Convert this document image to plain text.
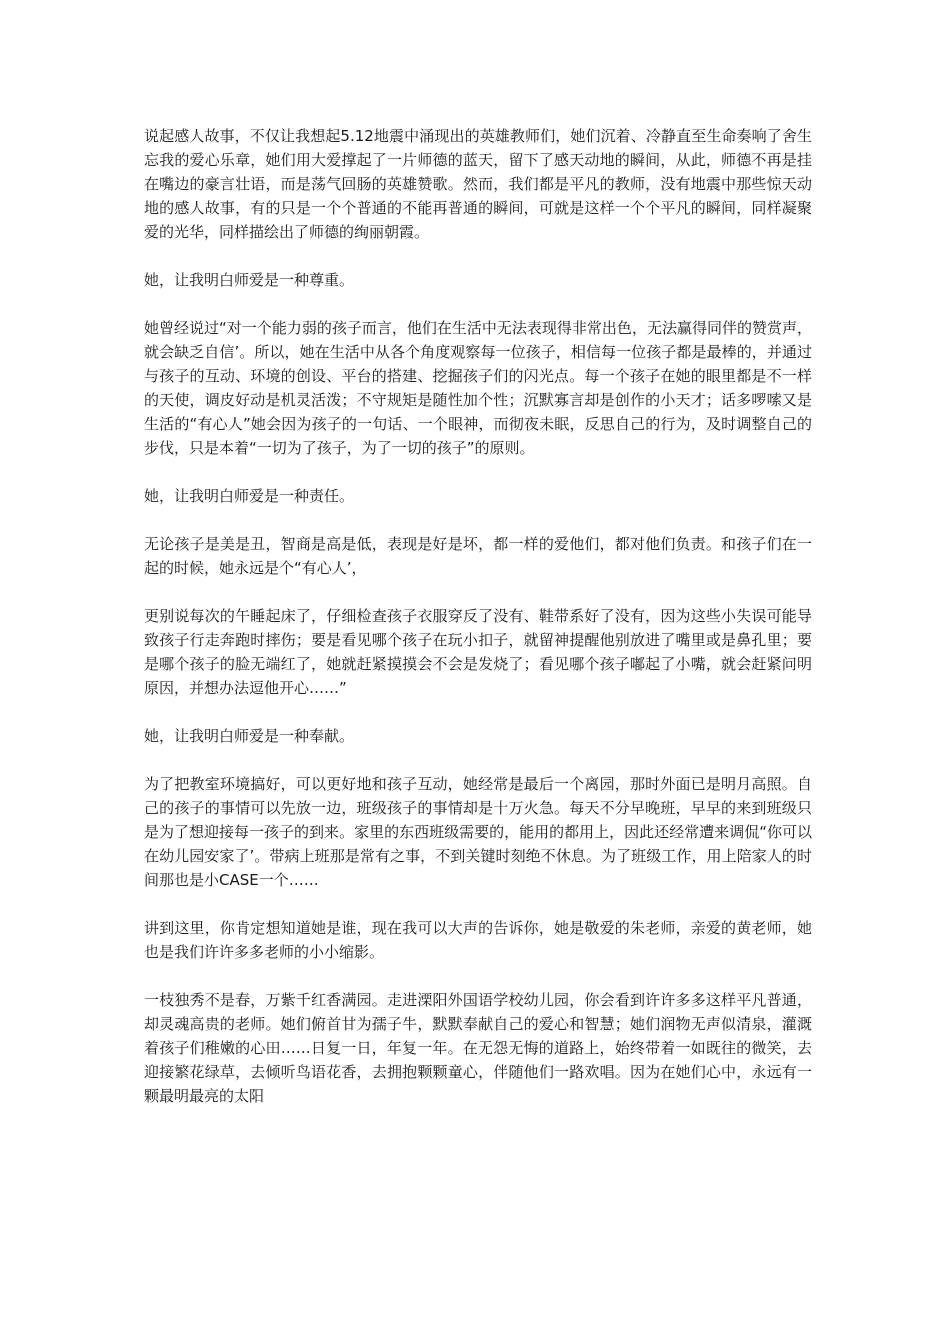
说起感人故事，不仅让我想起5.12地震中涌现出的英雄教师们，她们沉着、冷静直至生命奏响了舍生忘我的爱心乐章，她们用大爱撑起了一片师德的蓝天，留下了感天动地的瞬间，从此，师德不再是挂在嘴边的豪言壮语，而是荡气回肠的英雄赞歌。然而，我们都是平凡的教师，没有地震中那些惊天动地的感人故事，有的只是一个个普通的不能再普通的瞬间，可就是这样一个个平凡的瞬间，同样凝聚爱的光华，同样描绘出了师德的绚丽朝霞。

她，让我明白师爱是一种尊重。

她曾经说过“对一个能力弱的孩子而言，他们在生活中无法表现得非常出色，无法赢得同伴的赞赏声，就会缺乏自信’。所以，她在生活中从各个角度观察每一位孩子，相信每一位孩子都是最棒的，并通过与孩子的互动、环境的创设、平台的搭建、挖掘孩子们的闪光点。每一个孩子在她的眼里都是不一样的天使，调皮好动是机灵活泼；不守规矩是随性加个性；沉默寡言却是创作的小天才；话多啰嗦又是生活的“有心人”她会因为孩子的一句话、一个眼神，而彻夜未眠，反思自己的行为，及时调整自己的步伐，只是本着“一切为了孩子，为了一切的孩子”的原则。

她，让我明白师爱是一种责任。

无论孩子是美是丑，智商是高是低，表现是好是坏，都一样的爱他们，都对他们负责。和孩子们在一起的时候，她永远是个“有心人’，

更别说每次的午睡起床了，仔细检查孩子衣服穿反了没有、鞋带系好了没有，因为这些小失误可能导致孩子行走奔跑时摔伤；要是看见哪个孩子在玩小扣子，就留神提醒他别放进了嘴里或是鼻孔里；要是哪个孩子的脸无端红了，她就赶紧摸摸会不会是发烧了；看见哪个孩子嘟起了小嘴，就会赶紧问明原因，并想办法逗他开心……”

她，让我明白师爱是一种奉献。

为了把教室环境搞好，可以更好地和孩子互动，她经常是最后一个离园，那时外面已是明月高照。自己的孩子的事情可以先放一边，班级孩子的事情却是十万火急。每天不分早晚班，早早的来到班级只是为了想迎接每一孩子的到来。家里的东西班级需要的，能用的都用上，因此还经常遭来调侃“你可以在幼儿园安家了’。带病上班那是常有之事，不到关键时刻绝不休息。为了班级工作，用上陪家人的时间那也是小CASE一个……

讲到这里，你肯定想知道她是谁，现在我可以大声的告诉你，她是敬爱的朱老师，亲爱的黄老师，她也是我们许许多多老师的小小缩影。

一枝独秀不是春，万紫千红香满园。走进溧阳外国语学校幼儿园，你会看到许许多多这样平凡普通，却灵魂高贵的老师。她们俯首甘为孺子牛，默默奉献自己的爱心和智慧；她们润物无声似清泉，灌溉着孩子们稚嫩的心田……日复一日，年复一年。在无怨无悔的道路上，始终带着一如既往的微笑，去迎接繁花绿草，去倾听鸟语花香，去拥抱颗颗童心，伴随他们一路欢唱。因为在她们心中，永远有一颗最明最亮的太阳
